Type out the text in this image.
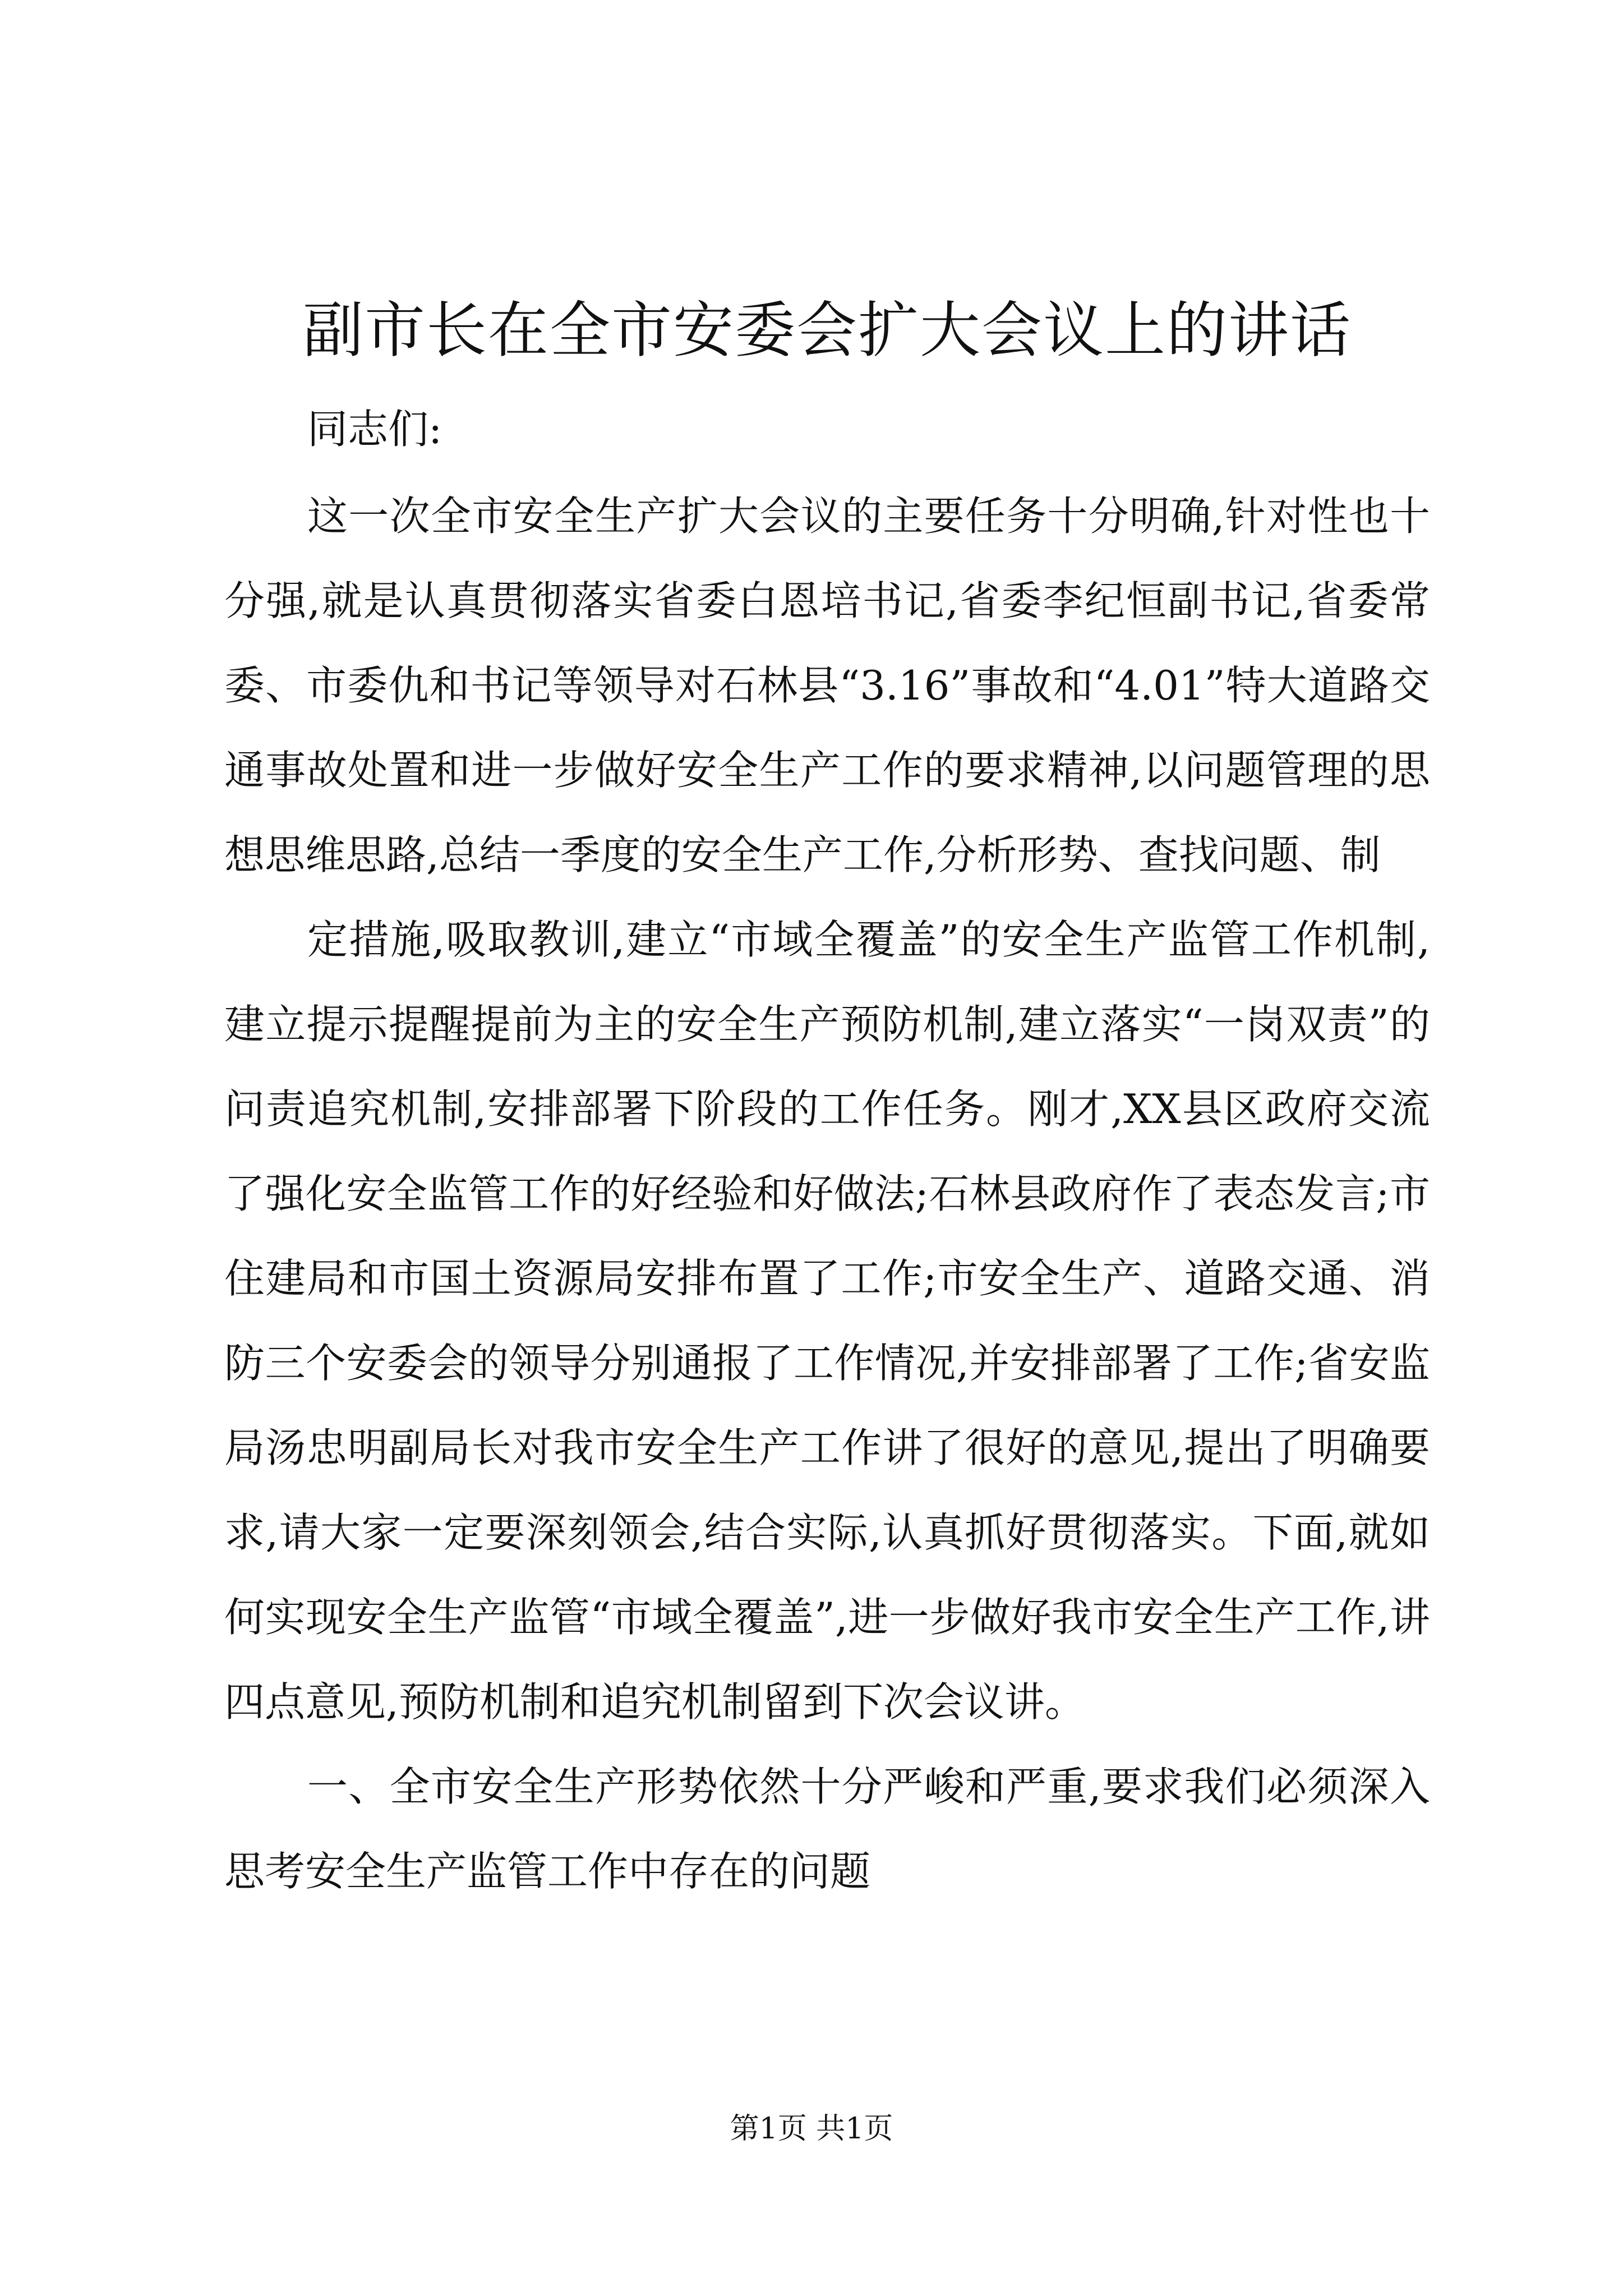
副市长在全市安委会扩大会议上的讲话

同志们:

这一次全市安全生产扩大会议的主要任务十分明确,针对性也十分强,就是认真贯彻落实省委白恩培书记,省委李纪恒副书记,省委常委、市委仇和书记等领导对石林县“3.16”事故和“4.01”特大道路交通事故处置和进一步做好安全生产工作的要求精神,以问题管理的思想思维思路,总结一季度的安全生产工作,分析形势、查找问题、制

定措施,吸取教训,建立“市域全覆盖”的安全生产监管工作机制,建立提示提醒提前为主的安全生产预防机制,建立落实“一岗双责”的问责追究机制,安排部署下阶段的工作任务。刚才,XX县区政府交流了强化安全监管工作的好经验和好做法;石林县政府作了表态发言;市住建局和市国土资源局安排布置了工作;市安全生产、道路交通、消防三个安委会的领导分别通报了工作情况,并安排部署了工作;省安监局汤忠明副局长对我市安全生产工作讲了很好的意见,提出了明确要求,请大家一定要深刻领会,结合实际,认真抓好贯彻落实。下面,就如何实现安全生产监管“市域全覆盖”,进一步做好我市安全生产工作,讲四点意见,预防机制和追究机制留到下次会议讲。

一、全市安全生产形势依然十分严峻和严重,要求我们必须深入思考安全生产监管工作中存在的问题

第1页 共1页
